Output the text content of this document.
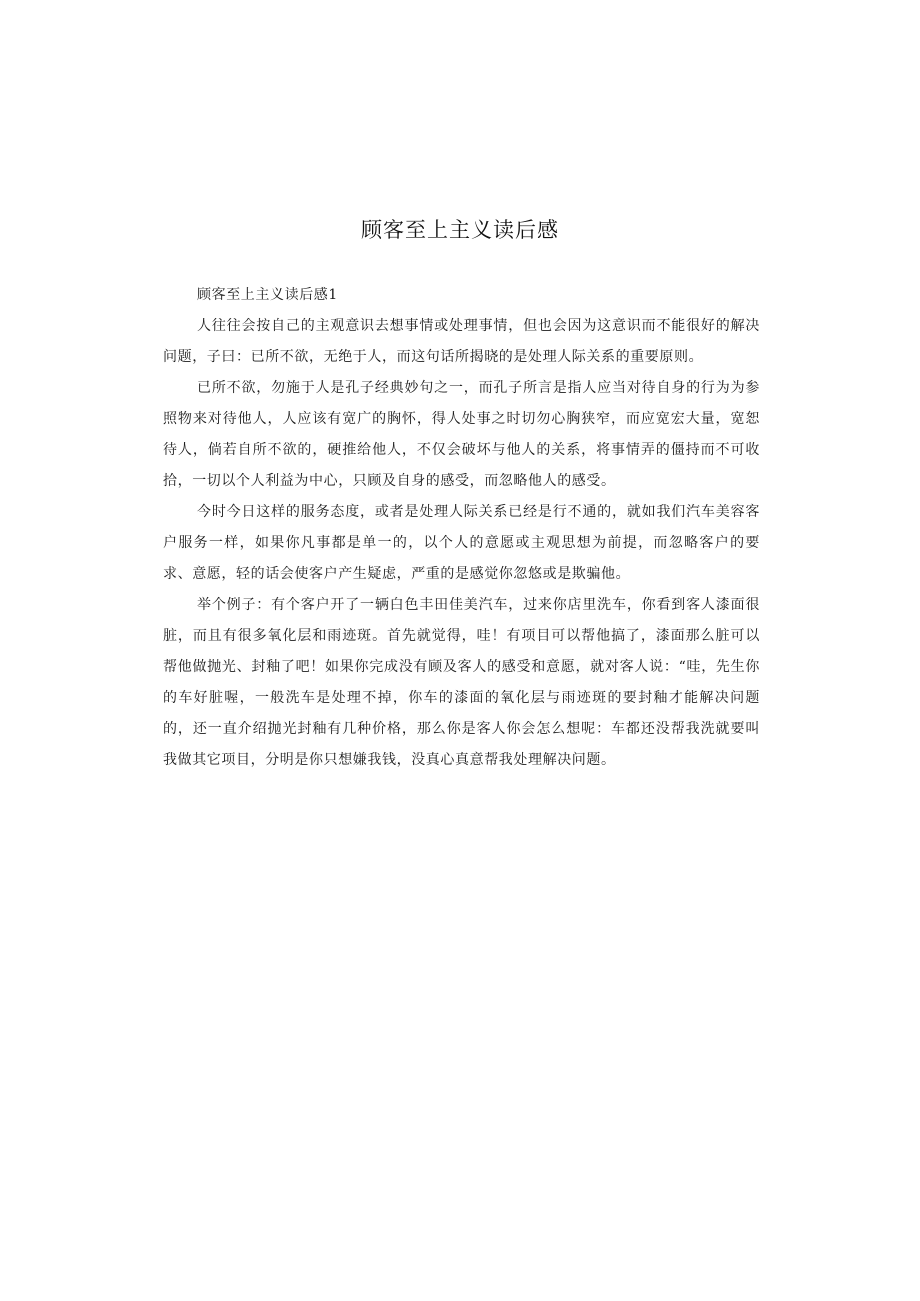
顾客至上主义读后感

顾客至上主义读后感1

人往往会按自己的主观意识去想事情或处理事情，但也会因为这意识而不能很好的解决问题，子曰：已所不欲，无绝于人，而这句话所揭晓的是处理人际关系的重要原则。

已所不欲，勿施于人是孔子经典妙句之一，而孔子所言是指人应当对待自身的行为为参照物来对待他人，人应该有宽广的胸怀，得人处事之时切勿心胸狭窄，而应宽宏大量，宽恕待人，倘若自所不欲的，硬推给他人，不仅会破坏与他人的关系，将事情弄的僵持而不可收拾，一切以个人利益为中心，只顾及自身的感受，而忽略他人的感受。

今时今日这样的服务态度，或者是处理人际关系已经是行不通的，就如我们汽车美容客户服务一样，如果你凡事都是单一的，以个人的意愿或主观思想为前提，而忽略客户的要求、意愿，轻的话会使客户产生疑虑，严重的是感觉你忽悠或是欺骗他。

举个例子：有个客户开了一辆白色丰田佳美汽车，过来你店里洗车，你看到客人漆面很脏，而且有很多氧化层和雨迹斑。首先就觉得，哇！有项目可以帮他搞了，漆面那么脏可以帮他做抛光、封釉了吧！如果你完成没有顾及客人的感受和意愿，就对客人说：“哇，先生你的车好脏喔，一般洗车是处理不掉，你车的漆面的氧化层与雨迹斑的要封釉才能解决问题的，还一直介绍抛光封釉有几种价格，那么你是客人你会怎么想呢：车都还没帮我洗就要叫我做其它项目，分明是你只想嫌我钱，没真心真意帮我处理解决问题。
